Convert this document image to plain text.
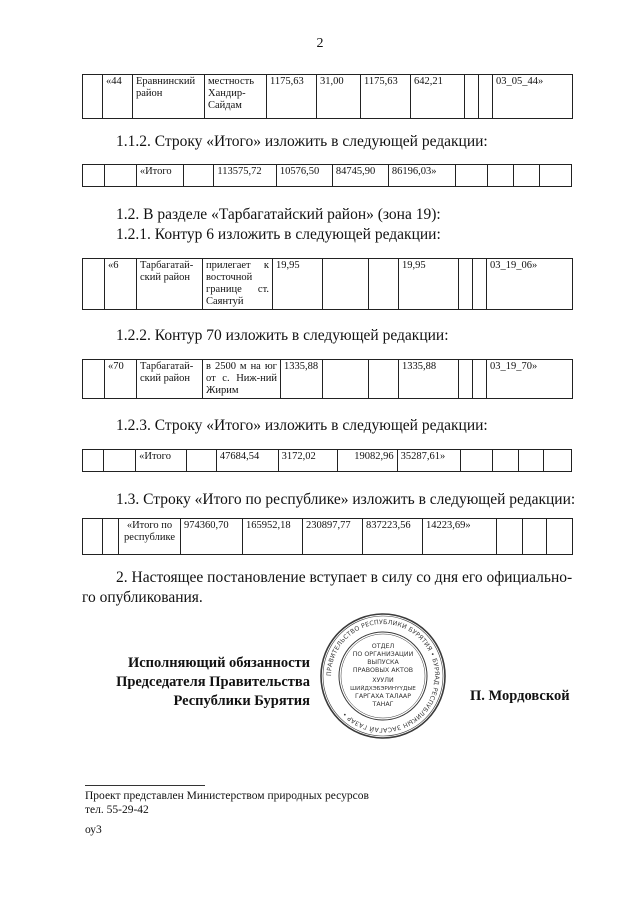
2
	«44	Еравнинский район	местность Хандир-Сайдам	1175,63	31,00	1175,63	642,21			03_05_44»
1.1.2. Строку «Итого» изложить в следующей редакции:
		«Итого		113575,72	10576,50	84745,90	86196,03»				
1.2. В разделе «Тарбагатайский район» (зона 19):
1.2.1. Контур 6 изложить в следующей редакции:
	«6	Тарбагатай-ский район	прилегает к восточной границе ст. Саянтуй	19,95			19,95			03_19_06»
1.2.2. Контур 70 изложить в следующей редакции:
	«70	Тарбагатай-ский район	в 2500 м на юг от с. Ниж-ний Жирим	1335,88			1335,88			03_19_70»
1.2.3. Строку «Итого» изложить в следующей редакции:
		«Итого		47684,54	3172,02	19082,96	35287,61»				
1.3. Строку «Итого по республике» изложить в следующей редакции:
		«Итого по республике	974360,70	165952,18	230897,77	837223,56	14223,69»			
2. Настоящее постановление вступает в силу со дня его официально-
го опубликования.
Исполняющий обязанности
Председателя Правительства
Республики Бурятия
ПРАВИТЕЛЬСТВО РЕСПУБЛИКИ БУРЯТИЯ • БУРЯАД РЕСПУБЛИКЫН ЗАСАГАЙ ГАЗАР •
ОТДЕЛ
ПО ОРГАНИЗАЦИИ
ВЫПУСКА
ПРАВОВЫХ АКТОВ
ХУУЛИ
ШИЙДХЭБЭРИНҮҮДЫЕ
ГАРГАХА ТАЛААР
ТАНАГ
П. Мордовской
Проект представлен Министерством природных ресурсов
тел. 55-29-42
оу3
